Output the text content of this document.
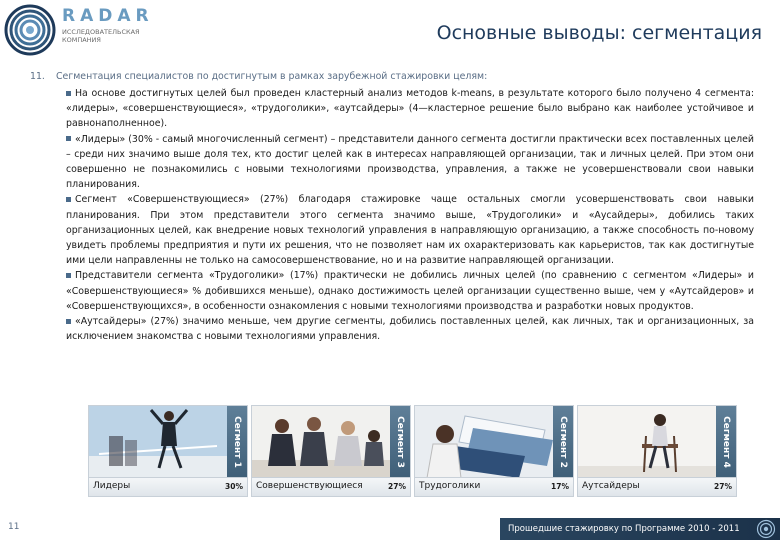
RADAR
ИССЛЕДОВАТЕЛЬСКАЯ КОМПАНИЯ	Основные выводы: сегментация

11. Сегментация специалистов по достигнутым в рамках зарубежной стажировки целям:

На основе достигнутых целей был проведен кластерный анализ методов k-means, в результате которого было получено 4 сегмента: «лидеры», «совершенствующиеся», «трудоголики», «аутсайдеры» (4—кластерное решение было выбрано как наиболее устойчивое и равнонаполненное).
«Лидеры» (30% - самый многочисленный сегмент) – представители данного сегмента достигли практически всех поставленных целей – среди них значимо выше доля тех, кто достиг целей как в интересах направляющей организации, так и личных целей. При этом они совершенно не познакомились с новыми технологиями производства, управления, а также не усовершенствовали свои навыки планирования.
Сегмент «Совершенствующиеся» (27%) благодаря стажировке чаще остальных смогли усовершенствовать свои навыки планирования. При этом представители этого сегмента значимо выше, «Трудоголики» и «Аусайдеры», добились таких организационных целей, как внедрение новых технологий управления в направляющую организацию, а также способность по-новому увидеть проблемы предприятия и пути их решения, что не позволяет нам их охарактеризовать как карьеристов, так как достигнутые ими цели направленны не только на самосовершенствование, но и на развитие направляющей организации.
Представители сегмента «Трудоголики» (17%) практически не добились личных целей (по сравнению с сегментом «Лидеры» и «Совершенствующиеся» % добившихся меньше), однако достижимость целей организации существенно выше, чем у «Аутсайдеров» и «Совершенствующихся», в особенности ознакомления с новыми технологиями производства и разработки новых продуктов.
«Аутсайдеры» (27%) значимо меньше, чем другие сегменты, добились поставленных целей, как личных, так и организационных, за исключением знакомства с новыми технологиями управления.
Сегмент 1
Лидеры	30%
Сегмент 3
Совершенствующиеся	27%
Сегмент 2
Трудоголики	17%
Сегмент 4
Аутсайдеры	27%
11	Прошедшие стажировку по Программе 2010 - 2011
